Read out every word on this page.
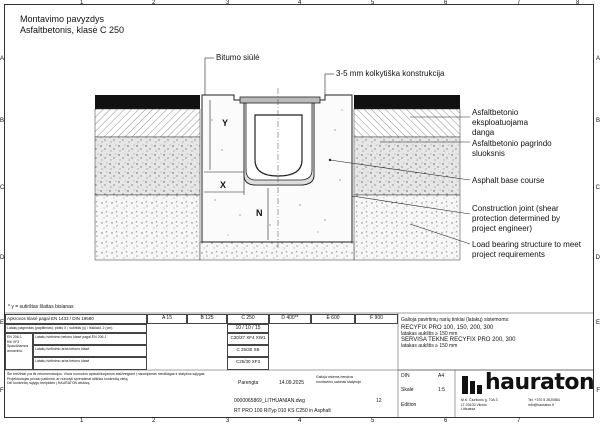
1	2	3	4	5	6	7	8
A
B
C
D
E
F
A
B
C
D
E
F
1	2	3	4	5	6	7
Montavimo pavyzdys
Asfaltbetonis, klasė C 250
Bitumo siūlė
3-5 mm kolkytiška konstrukcija
Asfaltbetonio
eksploatuojama
danga
Asfaltbetonio pagrindo
sluoksnis
Asphalt base course
Construction joint (shear
protection determined by
project engineer)
Load bearing structure to meet
project requirements
Y
X
N
* y = sutirštas šlaitas bisianas
Apkrovos klasė pagal EN 1433 / DIN 19580	A 15	B 125	C 250	D 400**	E 600	F 900
Latakų pagrindas (paplitimas): plotis X / sutirštis (y) / išsklaid. 2 (cm)	10 / 10 / 15
EN 206-1
Kiti XF3
Spaudžiamos
armavimo
Latakų tvirtinimo betono klasė pagal EN 206-1	C30/37 XF4 XW1
Latakų tvirtinimo arba betono klasė	C 25/30 XB
Latakų tvirtinimo arba betono klasė	C25/30 XF3
Galioja pavirtinių narių tinklai (latakų) sistemoms:
RECYFIX PRO 100, 150, 200, 300
latakas aukštis ≥ 150 mm
SERVISA TEKNE RECYFIX PRO 200, 300
latakas aukštis ≥ 150 mm
Šie brėžiniai yra tik rekomendacijos. Visos nuorodos apskaičiuojamos atsižvelgiant į naudojamas medžiagas ir statybos sąlygas.
Projektuotojas privalo patikrinti, ar nurodyti sprendimai atitinka konkrečią vietą.
Dėl konkrečių sąlygų kreipkitės į HAURATON atstovą.	Parengta	14.09.2025
0000065869_LITHUANIAN.dwg
Galioja visiems bendros
montavimo salonas statyboje
12
RT PRO 100 RiTyp 010 KS C250 in Asphalt
DIN	A4
Skalė	1:5
Edition
hauraton
M.K. Čiurlionio g. 70A 3
LT-03100 Vilnius
Lithuania
Tel. +370 5 2620584
info@hauraton.lt
